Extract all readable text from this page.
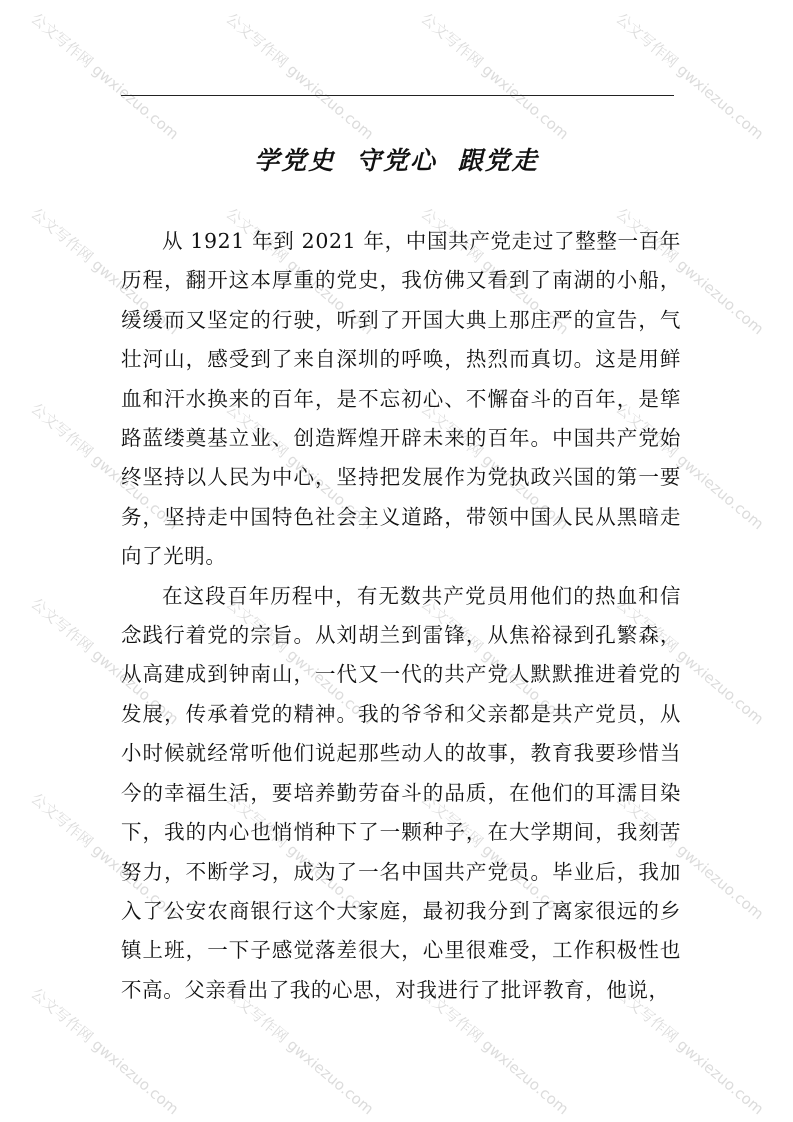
公文写作网 gwxiezuo.com	公文写作网 gwxiezuo.com	公文写作网 gwxiezuo.com	公文写作网 gwxiezuo.com
公文写作网 gwxiezuo.com	公文写作网 gwxiezuo.com	公文写作网 gwxiezuo.com	公文写作网 gwxiezuo.com
公文写作网 gwxiezuo.com	公文写作网 gwxiezuo.com	公文写作网 gwxiezuo.com	公文写作网 gwxiezuo.com
公文写作网 gwxiezuo.com	公文写作网 gwxiezuo.com	公文写作网 gwxiezuo.com	公文写作网 gwxiezuo.com
公文写作网 gwxiezuo.com	公文写作网 gwxiezuo.com	公文写作网 gwxiezuo.com	公文写作网 gwxiezuo.com
公文写作网 gwxiezuo.com	公文写作网 gwxiezuo.com	公文写作网 gwxiezuo.com	公文写作网 gwxiezuo.com
学党史 守党心 跟党走

从 1921 年到 2021 年，中国共产党走过了整整一百年历程，翻开这本厚重的党史，我仿佛又看到了南湖的小船，缓缓而又坚定的行驶，听到了开国大典上那庄严的宣告，气壮河山，感受到了来自深圳的呼唤，热烈而真切。这是用鲜血和汗水换来的百年，是不忘初心、不懈奋斗的百年，是筚路蓝缕奠基立业、创造辉煌开辟未来的百年。中国共产党始终坚持以人民为中心，坚持把发展作为党执政兴国的第一要务，坚持走中国特色社会主义道路，带领中国人民从黑暗走向了光明。

在这段百年历程中，有无数共产党员用他们的热血和信念践行着党的宗旨。从刘胡兰到雷锋，从焦裕禄到孔繁森，从高建成到钟南山，一代又一代的共产党人默默推进着党的发展，传承着党的精神。我的爷爷和父亲都是共产党员，从小时候就经常听他们说起那些动人的故事，教育我要珍惜当今的幸福生活，要培养勤劳奋斗的品质，在他们的耳濡目染下，我的内心也悄悄种下了一颗种子，在大学期间，我刻苦努力，不断学习，成为了一名中国共产党员。毕业后，我加入了公安农商银行这个大家庭，最初我分到了离家很远的乡镇上班，一下子感觉落差很大，心里很难受，工作积极性也不高。父亲看出了我的心思，对我进行了批评教育，他说，
